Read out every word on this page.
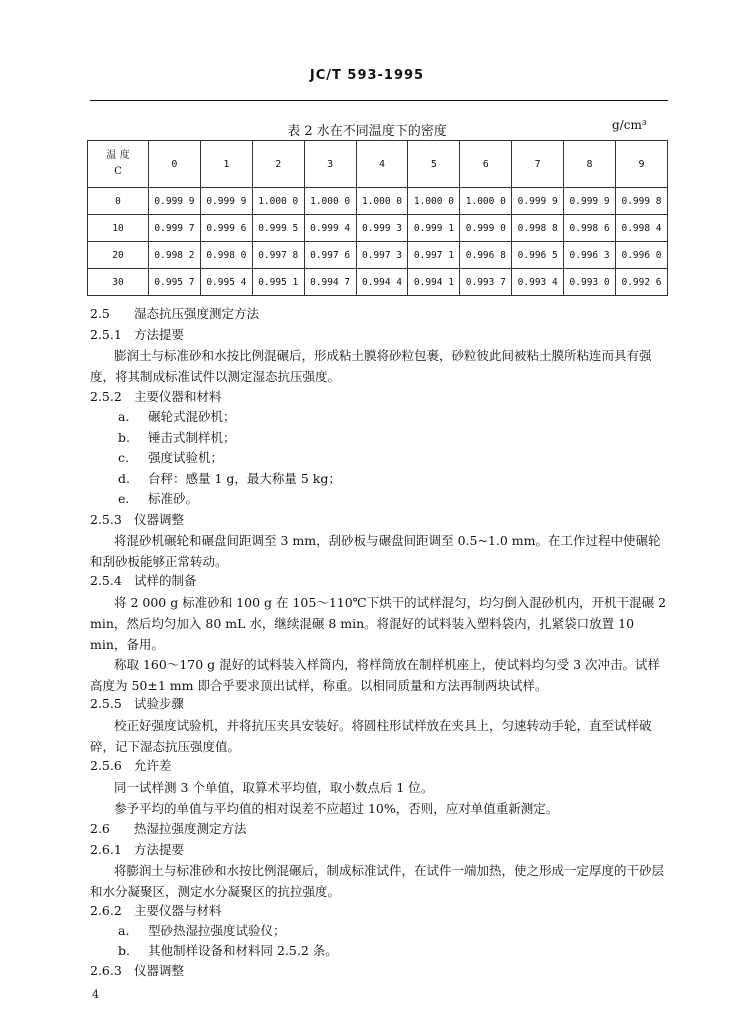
JC/T 593-1995
表 2 水在不同温度下的密度	g/cm³
温 度
C	0	1	2	3	4	5	6	7	8	9
0	0.999 9	0.999 9	1.000 0	1.000 0	1.000 0	1.000 0	1.000 0	0.999 9	0.999 9	0.999 8
10	0.999 7	0.999 6	0.999 5	0.999 4	0.999 3	0.999 1	0.999 0	0.998 8	0.998 6	0.998 4
20	0.998 2	0.998 0	0.997 8	0.997 6	0.997 3	0.997 1	0.996 8	0.996 5	0.996 3	0.996 0
30	0.995 7	0.995 4	0.995 1	0.994 7	0.994 4	0.994 1	0.993 7	0.993 4	0.993 0	0.992 6
2.5 湿态抗压强度测定方法
2.5.1 方法提要
膨润土与标准砂和水按比例混碾后，形成粘土膜将砂粒包裹，砂粒彼此间被粘土膜所粘连而具有强度，将其制成标准试件以测定湿态抗压强度。
2.5.2 主要仪器和材料
a. 碾轮式混砂机；
b. 锤击式制样机；
c. 强度试验机；
d. 台秤：感量 1 g，最大称量 5 kg；
e. 标准砂。
2.5.3 仪器调整
将混砂机碾轮和碾盘间距调至 3 mm，刮砂板与碾盘间距调至 0.5~1.0 mm。在工作过程中使碾轮和刮砂板能够正常转动。
2.5.4 试样的制备
将 2 000 g 标准砂和 100 g 在 105～110℃下烘干的试样混匀，均匀倒入混砂机内，开机干混碾 2 min，然后均匀加入 80 mL 水，继续混碾 8 min。将混好的试料装入塑料袋内，扎紧袋口放置 10 min，备用。
称取 160～170 g 混好的试料装入样筒内，将样筒放在制样机座上，使试料均匀受 3 次冲击。试样高度为 50±1 mm 即合乎要求顶出试样，称重。以相同质量和方法再制两块试样。
2.5.5 试验步骤
校正好强度试验机，并将抗压夹具安装好。将圆柱形试样放在夹具上，匀速转动手轮，直至试样破碎，记下湿态抗压强度值。
2.5.6 允许差
同一试样测 3 个单值，取算术平均值，取小数点后 1 位。
参予平均的单值与平均值的相对误差不应超过 10%，否则，应对单值重新测定。
2.6 热湿拉强度测定方法
2.6.1 方法提要
将膨润土与标准砂和水按比例混碾后，制成标准试件，在试件一端加热，使之形成一定厚度的干砂层和水分凝聚区，测定水分凝聚区的抗拉强度。
2.6.2 主要仪器与材料
a. 型砂热湿拉强度试验仪；
b. 其他制样设备和材料同 2.5.2 条。
2.6.3 仪器调整
4
